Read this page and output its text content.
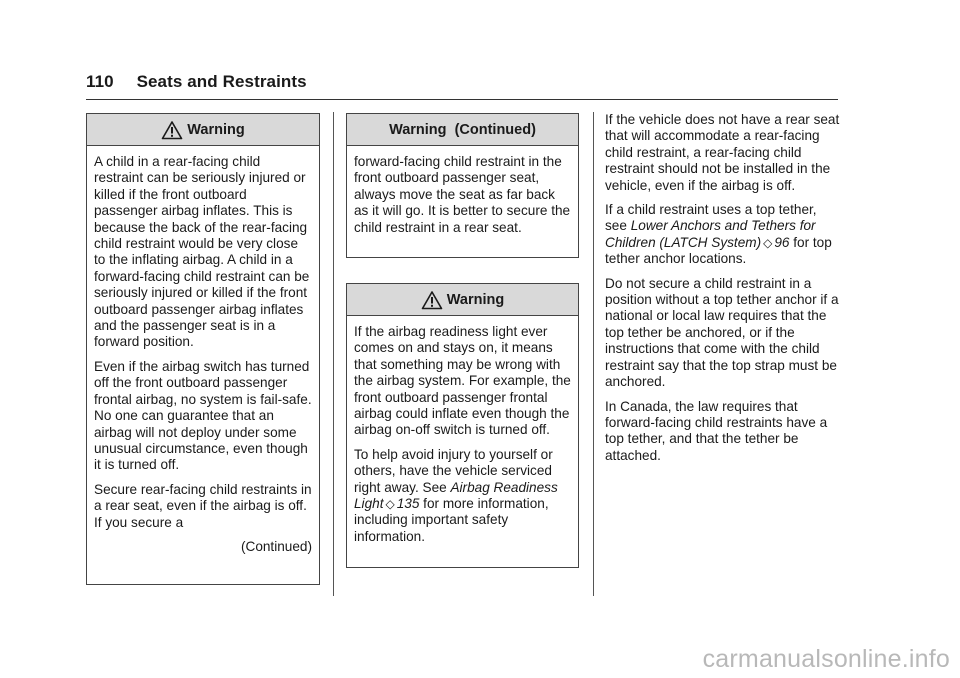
110 Seats and Restraints
Warning

A child in a rear-facing child restraint can be seriously injured or killed if the front outboard passenger airbag inflates. This is because the back of the rear-facing child restraint would be very close to the inflating airbag. A child in a forward-facing child restraint can be seriously injured or killed if the front outboard passenger airbag inflates and the passenger seat is in a forward position.

Even if the airbag switch has turned off the front outboard passenger frontal airbag, no system is fail-safe. No one can guarantee that an airbag will not deploy under some unusual circumstance, even though it is turned off.

Secure rear-facing child restraints in a rear seat, even if the airbag is off. If you secure a

(Continued)
Warning  (Continued)

forward-facing child restraint in the front outboard passenger seat, always move the seat as far back as it will go. It is better to secure the child restraint in a rear seat.

Warning

If the airbag readiness light ever comes on and stays on, it means that something may be wrong with the airbag system. For example, the front outboard passenger frontal airbag could inflate even though the airbag on-off switch is turned off.

To help avoid injury to yourself or others, have the vehicle serviced right away. See Airbag Readiness Light ◇ 135 for more information, including important safety information.

If the vehicle does not have a rear seat that will accommodate a rear-facing child restraint, a rear-facing child restraint should not be installed in the vehicle, even if the airbag is off.

If a child restraint uses a top tether, see Lower Anchors and Tethers for Children (LATCH System) ◇ 96 for top tether anchor locations.

Do not secure a child restraint in a position without a top tether anchor if a national or local law requires that the top tether be anchored, or if the instructions that come with the child restraint say that the top strap must be anchored.

In Canada, the law requires that forward-facing child restraints have a top tether, and that the tether be attached.

carmanualsonline.info
